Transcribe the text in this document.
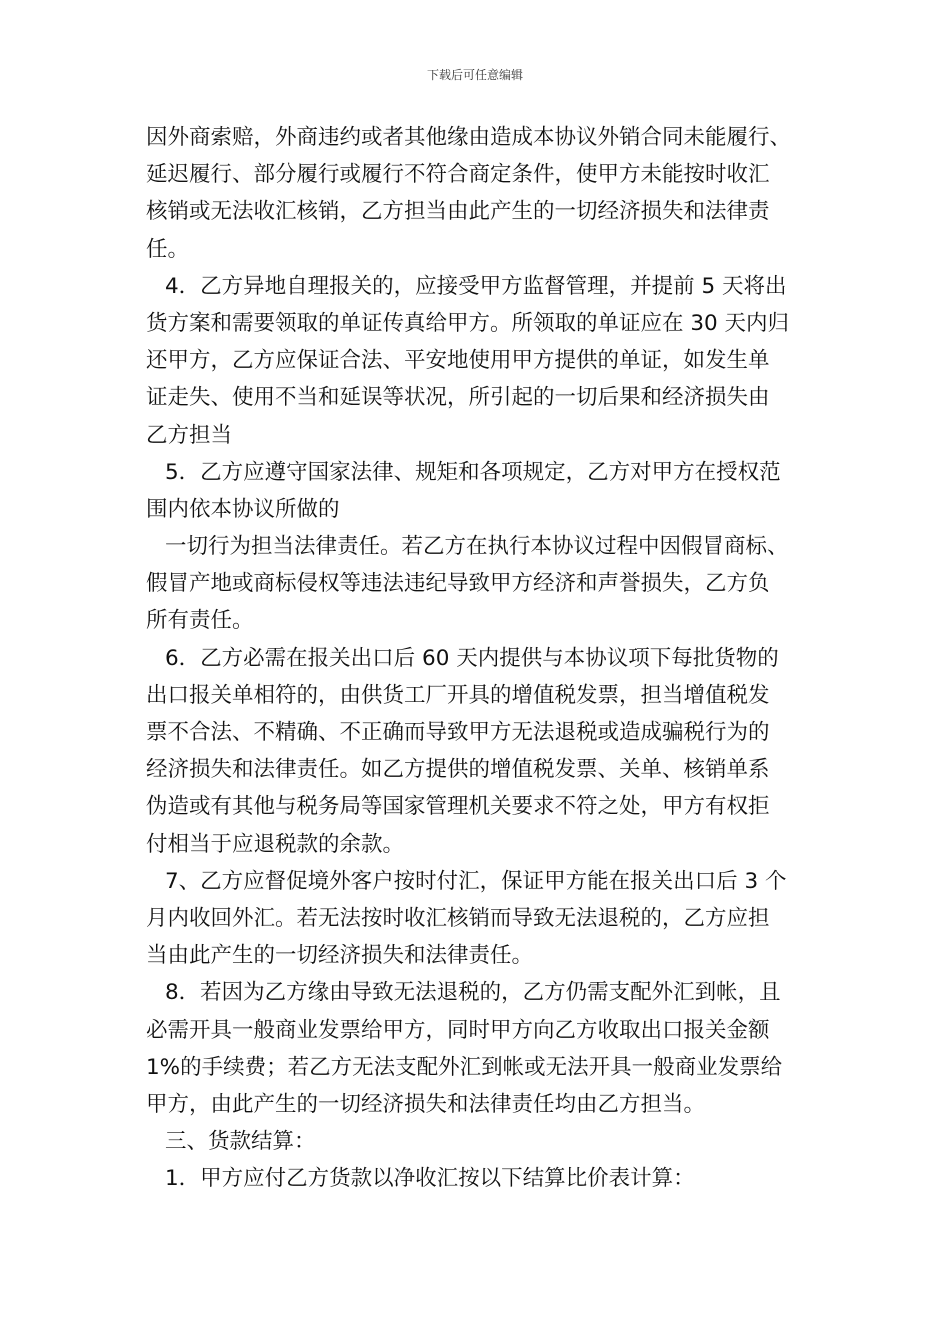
下载后可任意编辑
因外商索赔，外商违约或者其他缘由造成本协议外销合同未能履行、
延迟履行、部分履行或履行不符合商定条件，使甲方未能按时收汇
核销或无法收汇核销，乙方担当由此产生的一切经济损失和法律责
任。
4．乙方异地自理报关的，应接受甲方监督管理，并提前 5 天将出
货方案和需要领取的单证传真给甲方。所领取的单证应在 30 天内归
还甲方，乙方应保证合法、平安地使用甲方提供的单证，如发生单
证走失、使用不当和延误等状况，所引起的一切后果和经济损失由
乙方担当
5．乙方应遵守国家法律、规矩和各项规定，乙方对甲方在授权范
围内依本协议所做的
一切行为担当法律责任。若乙方在执行本协议过程中因假冒商标、
假冒产地或商标侵权等违法违纪导致甲方经济和声誉损失，乙方负
所有责任。
6．乙方必需在报关出口后 60 天内提供与本协议项下每批货物的
出口报关单相符的，由供货工厂开具的增值税发票，担当增值税发
票不合法、不精确、不正确而导致甲方无法退税或造成骗税行为的
经济损失和法律责任。如乙方提供的增值税发票、关单、核销单系
伪造或有其他与税务局等国家管理机关要求不符之处，甲方有权拒
付相当于应退税款的余款。
7、乙方应督促境外客户按时付汇，保证甲方能在报关出口后 3 个
月内收回外汇。若无法按时收汇核销而导致无法退税的，乙方应担
当由此产生的一切经济损失和法律责任。
8．若因为乙方缘由导致无法退税的，乙方仍需支配外汇到帐，且
必需开具一般商业发票给甲方，同时甲方向乙方收取出口报关金额
1%的手续费；若乙方无法支配外汇到帐或无法开具一般商业发票给
甲方，由此产生的一切经济损失和法律责任均由乙方担当。
三、货款结算：
1．甲方应付乙方货款以净收汇按以下结算比价表计算：
